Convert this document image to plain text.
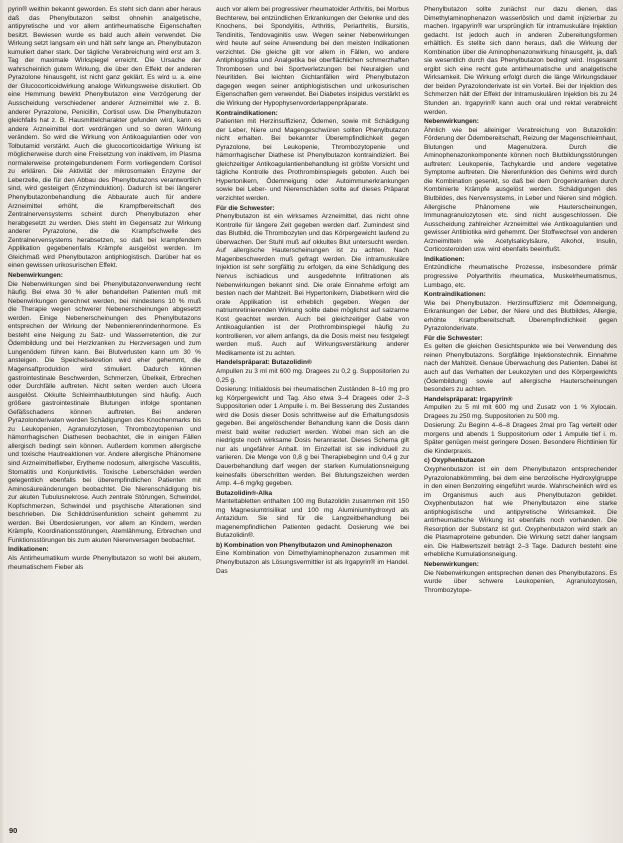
pyrin® weithin bekannt geworden. Es steht sich dann aber heraus daß das Phenylbutazon selbst ohnehin analgetische, antipyretische und vor allem antirheumatische Eigenschaften besitzt. Bewiesen wurde es bald auch allein verwendet. Die Wirkung setzt langsam ein und hält sehr lange an. Phenylbutazon kumuliert daher stark. Der tägliche Verabreichung wird erst am 3. Tag der maximale Wirkspiegel erreicht. Die Ursache der wahrscheinlich gutem Wirkung, die über den Effekt der anderen Pyrazolone hinausgeht, ist nicht ganz geklärt. Es wird u. a. eine der Glucocorticoidwirkung analoge Wirkungsweise diskutiert. Ob eine Hemmung bewirkt Phenylbutazon eine Verzögerung der Ausscheidung verschiedener anderer Arzneimittel wie z. B. anderer Pyrazolone, Penicillin, Cortisol usw. Die Phenylbutazon gleichfalls hat z. B. Hausmittelcharakter gefunden wird, kann es andere Arzneimittel dort verdrängen und so deren Wirkung verändern. So wird die Wirkung von Antikoagulantien oder von Tolbutamid verstärkt. Auch die glucocorticoidartige Wirkung ist möglicherweise durch eine Freisetzung von inaktivem, im Plasma normalerweise proteingebundenem Form vorliegendem Cortisol zu erklären. Die Aktivität der mikrosomalen Enzyme der Leberzelle, die für den Abbau des Phenylbutazons verantwortlich sind, wird gesteigert (Enzyminduktion). Dadurch ist bei längerer Phenylbutazonbehandlung die Abbaurate auch für andere Arzneimittel erhöht, die Krampfbereitschaft des Zentralnervensystems scheint durch Phenylbutazon eher herabgesetzt zu werden. Dies steht im Gegensatz zur Wirkung anderer Pyrazolone, die die Krampfschwelle des Zentralnervensystems herabsetzen, so daß bei krampfendem Applikation gegebenenfalls Krämpfe ausgelöst werden. Im Gleichmaß wird Phenylbutazon antiphlogistisch. Darüber hat es einen gewissen urikosurischen Effekt.

Nebenwirkungen:

Die Nebenwirkungen sind bei Phenylbutazonverwendung recht häufig. Bei etwa 30 % aller behandelten Patienten muß mit Nebenwirkungen gerechnet werden, bei mindestens 10 % muß die Therapie wegen schwerer Nebenerscheinungen abgesetzt werden. Einige Nebenerscheinungen des Phenylbutazons entsprechen der Wirkung der Nebennierenrindenhormone. Es besteht eine Neigung zu Salz- und Wasserretention, die zur Ödembildung und bei Herzkranken zu Herzversagen und zum Lungenödem führen kann. Bei Blutverlusten kann um 30 % ansteigen. Die Speichelsekretion wird eher gehemmt, die Magensaftproduktion wird stimuliert. Dadurch können gastrointestinale Beschwerden, Schmerzen, Übelkeit, Erbrechen oder Durchfälle auftreten. Nicht selten werden auch Ulcera ausgelöst. Okkulte Schleimhautblutungen sind häufig. Auch größere gastrointestinale Blutungen infolge spontanen Gefäßschadens können auftreten. Bei anderen Pyrazolonderivaten werden Schädigungen des Knochenmarks bis zu Leukopenien, Agranulozytosen, Thrombozytopenien und hämorrhagischen Diathesen beobachtet, die in einigen Fällen allergisch bedingt sein können. Außerdem kommen allergische und toxische Hautreaktionen vor. Andere allergische Phänomene sind Arzneimittelfieber, Erytheme nodosum, allergische Vasculitis, Stomatitis und Konjunktivitis. Toxische Leberschäden werden gelegentlich ebenfalls bei überempfindlichen Patienten mit Aminosäureänderungen beobachtet. Die Nierenschädigung bis zur akuten Tubulusnekrose. Auch zentrale Störungen, Schwindel, Kopfschmerzen, Schwindel und psychische Alterationen sind beschrieben. Die Schilddrüsenfunktion scheint gehemmt zu werden. Bei Überdosierungen, vor allem an Kindern, werden Krämpfe, Koordinationsstörungen, Atemlähmung, Erbrechen und Funktionsstörungen bis zum akuten Nierenversagen beobachtet.

Indikationen:

Als Antirheumatikum wurde Phenylbutazon so wohl bei akutem, rheumatischem Fieber als

auch vor allem bei progressiver rheumatoider Arthritis, bei Morbus Bechterew, bei entzündlichen Erkrankungen der Gelenke und des Knochens, bei Spondylitis, Arthritis, Periarthritis, Bursitis, Tendinitis, Tendovaginitis usw. Wegen seiner Nebenwirkungen wird heute auf seine Anwendung bei den meisten Indikationen verzichtet. Die gleiche gilt vor allem in Fällen, wo andere Antiphlogistika und Analgetika bei oberflächlichen schmerzhaften Thrombosen und bei Sportverletzungen bei Neuralgien und Neuritiden. Bei leichten Gichtanfällen wird Phenylbutazon dagegen wegen seiner antiphlogistischen und urikosurischen Eigenschaften gern verwendet. Bei Diabetes insipidus verstärkt es die Wirkung der Hypophysenvorderlappenpräparate.

Kontraindikationen:

Patienten mit Herzinsuffizienz, Ödemen, sowie mit Schädigung der Leber, Niere und Magengeschwüren sollten Phenylbutazon nicht erhalten. Bei bekannter Überempfindlichkeit gegen Pyrazolone, bei Leukopenie, Thrombozytopenie und hämorrhagischer Diathese ist Phenylbutazon kontraindiziert. Bei gleichzeitiger Antikoagulantienbehandlung ist größte Vorsicht und tägliche Kontrolle des Prothrombinspiegels geboten. Auch bei Hypertonikern, Ödemneigung oder Autoimmunerkrankungen sowie bei Leber- und Nierenschäden sollte auf dieses Präparat verzichtet werden.

Für die Schwester:

Phenylbutazon ist ein wirksames Arzneimittel, das nicht ohne Kontrolle für längere Zeit gegeben werden darf. Zumindest sind das Blutbild, die Thrombozyten und das Körpergewicht laufend zu überwachen. Der Stuhl muß auf okkultes Blut untersucht werden. Auf allergische Hauterscheinungen ist zu achten. Nach Magenbeschwerden muß gefragt werden. Die intramuskuläre Injektion ist sehr sorgfältig zu erfolgen, da eine Schädigung des Nervus ischiadicus und ausgedehnte Infiltrationen als Nebenwirkungen bekannt sind. Die orale Einnahme erfolgt am besten nach der Mahlzeit. Bei Hypertonikern, Diabetikern wird die orale Applikation ist erheblich gegeben. Wegen der natriumretinierenden Wirkung sollte dabei möglichst auf salzarme Kost geachtet werden. Auch bei gleichzeitiger Gabe von Antikoagulantien ist der Prothrombinspiegel häufig zu kontrollieren, vor allem anfangs, da die Dosis meist neu festgelegt werden muß. Auch auf Wirkungsverstärkung anderer Medikamente ist zu achten.

Handelspräparat: Butazolidin®

Ampullen zu 3 ml mit 600 mg. Dragees zu 0,2 g. Suppositorien zu 0,25 g.

Dosierung: Initialdosis bei rheumatischen Zuständen 8–10 mg pro kg Körpergewicht und Tag. Also etwa 3–4 Dragees oder 2–3 Suppositorien oder 1 Ampulle i. m. Bei Besserung des Zustandes wird die Dosis dieser Dosis schrittweise auf die Erhaltungsdosis gegeben. Bei angelöschender Behandlung kann die Dosis dann meist bald weiter reduziert werden. Wobei man sich an die niedrigste noch wirksame Dosis heranrastet. Dieses Schema gilt nur als ungefährer Anhalt. Im Einzelfall ist sie individuell zu variieren. Die Menge von 0,8 g bei Therapiebeginn und 0,4 g zur Dauerbehandlung darf wegen der starken Kumulationsneigung keinesfalls überschritten werden. Bei Blutungszeichen werden Amp. 4–6 mg/kg gegeben.

Butazolidin®-Alka

Manteltabletten enthalten 100 mg Butazolidin zusammen mit 150 mg Magnesiumtrisilikat und 100 mg Aluminiumhydroxyd als Antazidum. Sie sind für die Langzeitbehandlung bei magenempfindlichen Patienten gedacht. Dosierung wie bei Butazolidin®.

b) Kombination von Phenylbutazon und Aminophenazon

Eine Kombination von Dimethylaminophenazon zusammen mit Phenylbutazon als Lösungsvermittler ist als Irgapyrin® im Handel. Das

Phenylbutazon sollte zunächst nur dazu dienen, das Dimethylaminophenazon wasserlöslich und damit injizierbar zu machen. Irgapyrin® war ursprünglich für intramuskuläre Injektion gedacht. Ist jedoch auch in anderen Zubereitungsformen erhältlich. Es stellte sich dann heraus, daß die Wirkung der Kombination über die Aminophenazonwirkung hinausgeht, ja, daß sie wesentlich durch das Phenylbutazon bedingt wird. Insgesamt ergibt sich eine recht gute antirheumatische und analgetische Wirksamkeit. Die Wirkung erfolgt durch die länge Wirkungsdauer der beiden Pyrazolonderivate ist ein Vorteil. Bei der Injektion des Schmerzen hält der Effekt der Intramuskulären Injektion bis zu 24 Stunden an. Irgapyrin® kann auch oral und rektal verabreicht werden.

Nebenwirkungen:

Ähnlich wie bei alleiniger Verabreichung von Butazolidin: Förderung der Ödembereitschaft, Reizung der Magenschleimhaut, Blutungen und Magenulzera. Durch die Aminophenazonkomponente können noch Blutbildungsstörungen auftreten: Leukopenie, Tachykardie und andere vegetative Symptome auftreten. Die Nierenfunktion des Gehirns wird durch die Kombination gesenkt, so daß bei dem Drogenkranken durch Kombinierte Krämpfe ausgelöst werden. Schädigungen des Blutbildes, des Nervensystems, in Leber und Nieren sind möglich. Allergische Phänomene wie Hauterscheinungen, Immunagranulozytosen etc. sind nicht ausgeschlossen. Die Ausscheidung zahlreicher Arzneimittel wie Antikoagulantien und gewisser Antibiotika wird gehemmt. Der Stoffwechsel von anderen Arzneimitteln wie Acetylsalicylsäure, Alkohol, Insulin, Corticosteroiden usw. wird ebenfalls beeinflußt.

Indikationen:

Entzündliche rheumatische Prozesse, insbesondere primär progressive Polyarthritis rheumatica, Muskelrheumatismus, Lumbago, etc.

Kontraindikationen:

Wie bei Phenylbutazon. Herzinsuffizienz mit Ödemneigung, Erkrankungen der Leber, der Niere und des Blutbildes, Allergie, erhöhte Krampfbereitschaft. Überempfindlichkeit gegen Pyrazolonderivate.

Für die Schwester:

Es gelten die gleichen Gesichtspunkte wie bei Verwendung des reinen Phenylbutazons. Sorgfältige Injektionstechnik. Einnahme nach der Mahlzeit. Genaue Überwachung des Patienten. Dabei ist auch auf das Verhalten der Leukozyten und des Körpergewichts (Ödembildung) sowie auf allergische Hauterscheinungen besonders zu achten.

Handelspräparat: Irgapyrin®

Ampullen zu 5 ml mit 600 mg und Zusatz von 1 % Xylocain. Dragees zu 250 mg. Suppositorien zu 500 mg.

Dosierung: Zu Beginn 4–6–8 Dragees 2mal pro Tag verteilt oder morgens und abends 1 Suppositorium oder 1 Ampulle tief i. m. Später genügen meist geringere Dosen. Besondere Richtlinien für die Kinderpraxis.

c) Oxyphenbutazon

Oxyphenbutazon ist ein dem Phenylbutazon entsprechender Pyrazolonabkömmling, bei dem eine benzolische Hydroxylgruppe in den einen Benzolring eingeführt wurde. Wahrscheinlich wird es im Organismus auch aus Phenylbutazon gebildet. Oxyphenbutazon hat wie Phenylbutazon eine starke antiphlogistische und antipyretische Wirksamkeit. Die antirheumatische Wirkung ist ebenfalls noch vorhanden. Die Resorption der Substanz ist gut. Oxyphenbutazon wird stark an die Plasmaproteine gebunden. Die Wirkung setzt daher langsam ein. Die Halbwertszeit beträgt 2–3 Tage. Dadurch besteht eine erhebliche Kumulationsneigung.

Nebenwirkungen:

Die Nebenwirkungen entsprechen denen des Phenylbutazons. Es wurde über schwere Leukopenien, Agranulozytosen, Thrombozytope-

90
